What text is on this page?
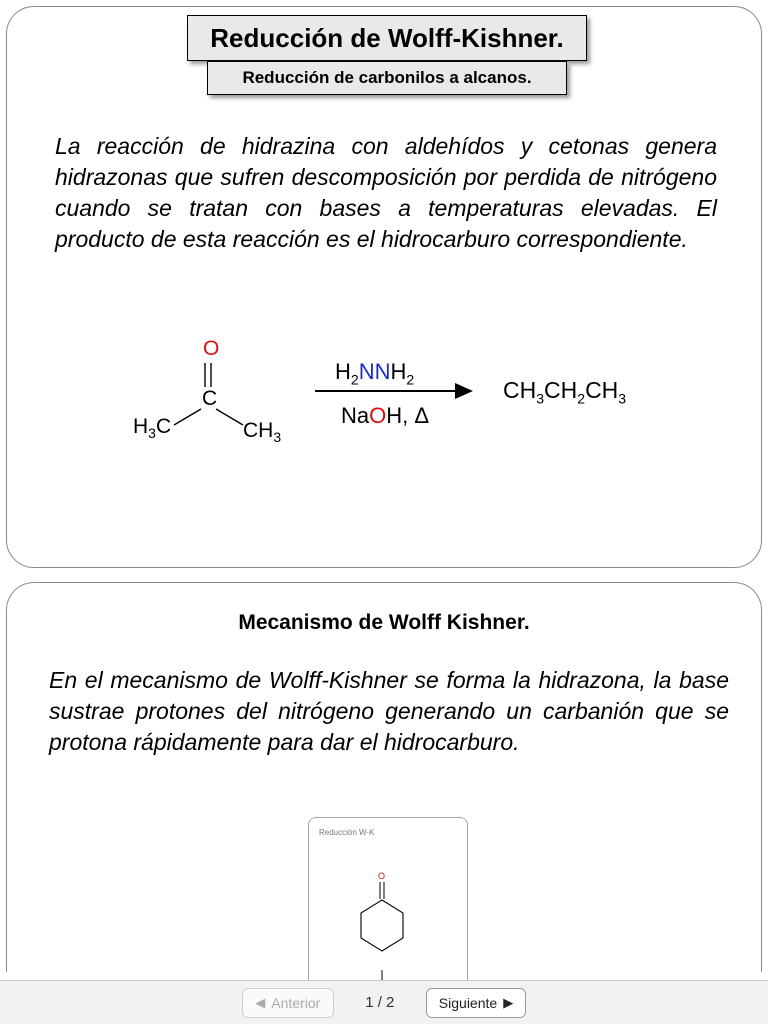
Reducción de Wolff-Kishner.
Reducción de carbonilos a alcanos.

La reacción de hidrazina con aldehídos y cetonas genera hidrazonas que sufren descomposición por perdida de nitrógeno cuando se tratan con bases a temperaturas elevadas. El producto de esta reacción es el hidrocarburo correspondiente.

O
C
$H_3C$	$CH_3$
$H_2NNH_2$
NaOH, Δ
$CH_3CH_2CH_3$
Mecanismo de Wolff Kishner.

En el mecanismo de Wolff-Kishner se forma la hidrazona, la base sustrae protones del nitrógeno generando un carbanión que se protona rápidamente para dar el hidrocarburo.

Reducción W-K
O
◀ Anterior	1 / 2	Siguiente ▶
